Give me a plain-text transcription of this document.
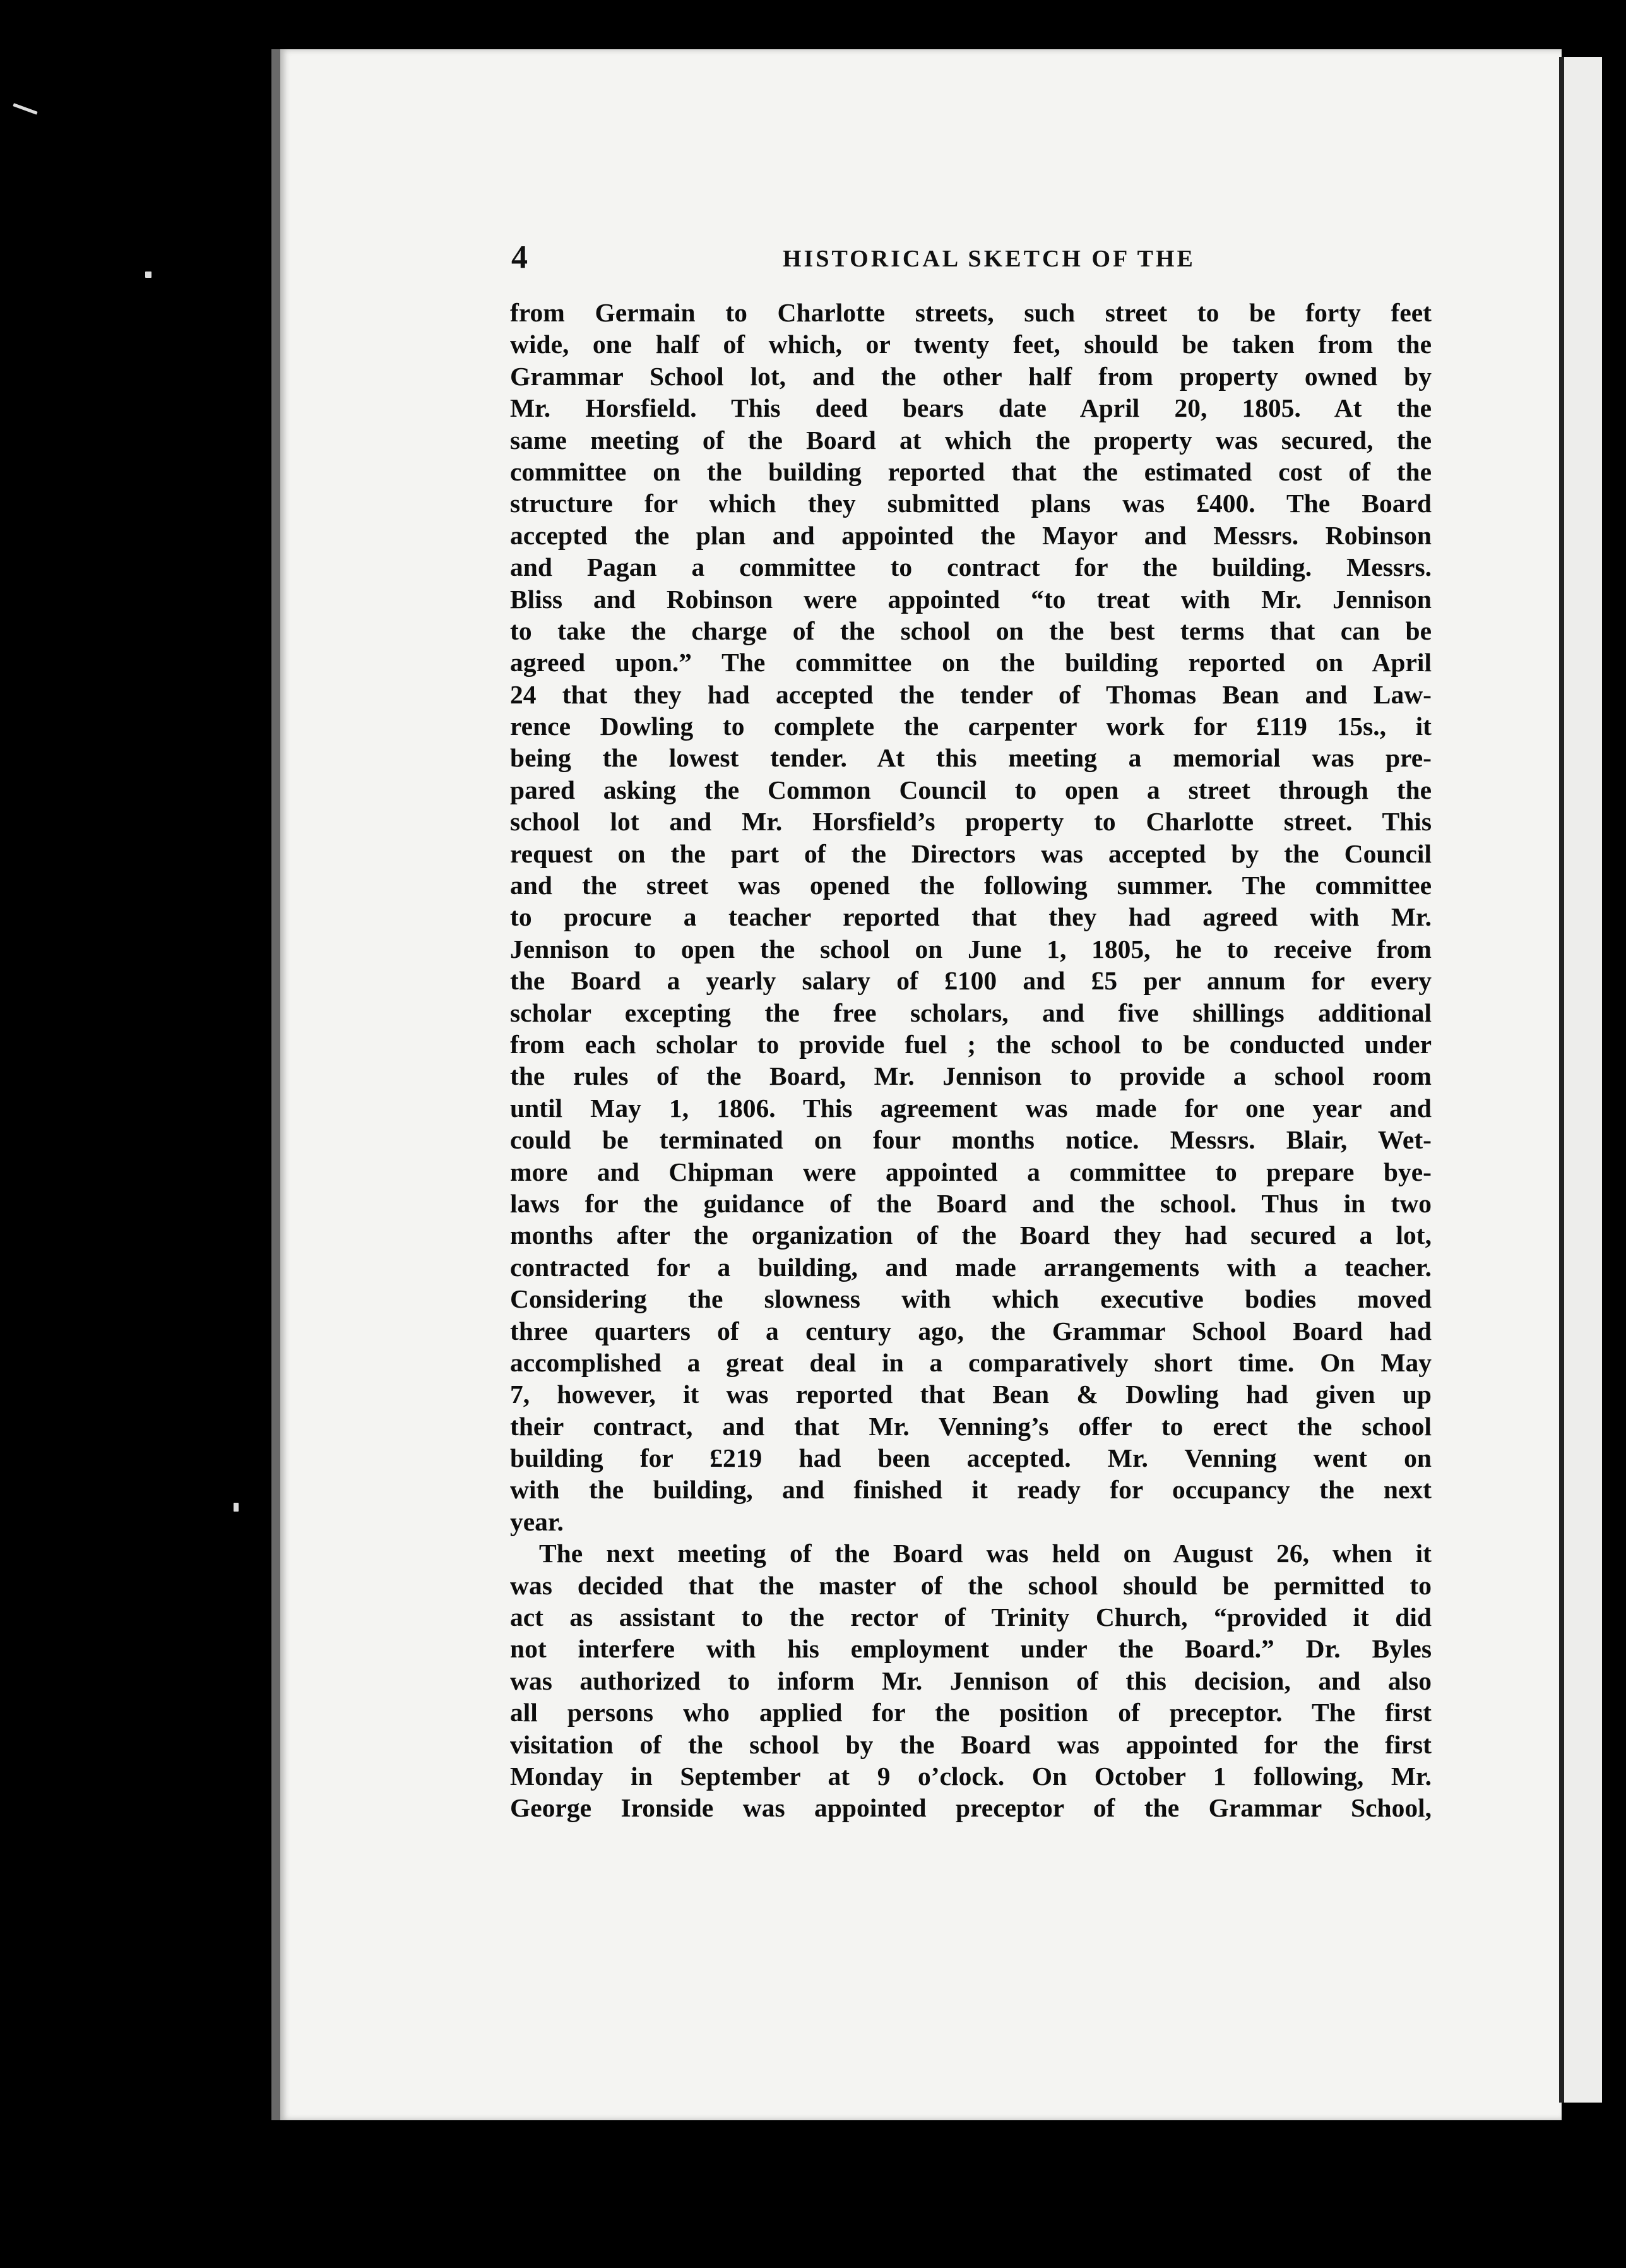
4	HISTORICAL SKETCH OF THE
from Germain to Charlotte streets, such street to be forty feet
wide, one half of which, or twenty feet, should be taken from the
Grammar School lot, and the other half from property owned by
Mr. Horsfield. This deed bears date April 20, 1805. At the
same meeting of the Board at which the property was secured, the
committee on the building reported that the estimated cost of the
structure for which they submitted plans was £400. The Board
accepted the plan and appointed the Mayor and Messrs. Robinson
and Pagan a committee to contract for the building. Messrs.
Bliss and Robinson were appointed “to treat with Mr. Jennison
to take the charge of the school on the best terms that can be
agreed upon.” The committee on the building reported on April
24 that they had accepted the tender of Thomas Bean and Law-
rence Dowling to complete the carpenter work for £119 15s., it
being the lowest tender. At this meeting a memorial was pre-
pared asking the Common Council to open a street through the
school lot and Mr. Horsfield’s property to Charlotte street. This
request on the part of the Directors was accepted by the Council
and the street was opened the following summer. The committee
to procure a teacher reported that they had agreed with Mr.
Jennison to open the school on June 1, 1805, he to receive from
the Board a yearly salary of £100 and £5 per annum for every
scholar excepting the free scholars, and five shillings additional
from each scholar to provide fuel ; the school to be conducted under
the rules of the Board, Mr. Jennison to provide a school room
until May 1, 1806. This agreement was made for one year and
could be terminated on four months notice. Messrs. Blair, Wet-
more and Chipman were appointed a committee to prepare bye-
laws for the guidance of the Board and the school. Thus in two
months after the organization of the Board they had secured a lot,
contracted for a building, and made arrangements with a teacher.
Considering the slowness with which executive bodies moved
three quarters of a century ago, the Grammar School Board had
accomplished a great deal in a comparatively short time. On May
7, however, it was reported that Bean & Dowling had given up
their contract, and that Mr. Venning’s offer to erect the school
building for £219 had been accepted. Mr. Venning went on
with the building, and finished it ready for occupancy the next
year.
The next meeting of the Board was held on August 26, when it
was decided that the master of the school should be permitted to
act as assistant to the rector of Trinity Church, “provided it did
not interfere with his employment under the Board.” Dr. Byles
was authorized to inform Mr. Jennison of this decision, and also
all persons who applied for the position of preceptor. The first
visitation of the school by the Board was appointed for the first
Monday in September at 9 o’clock. On October 1 following, Mr.
George Ironside was appointed preceptor of the Grammar School,
